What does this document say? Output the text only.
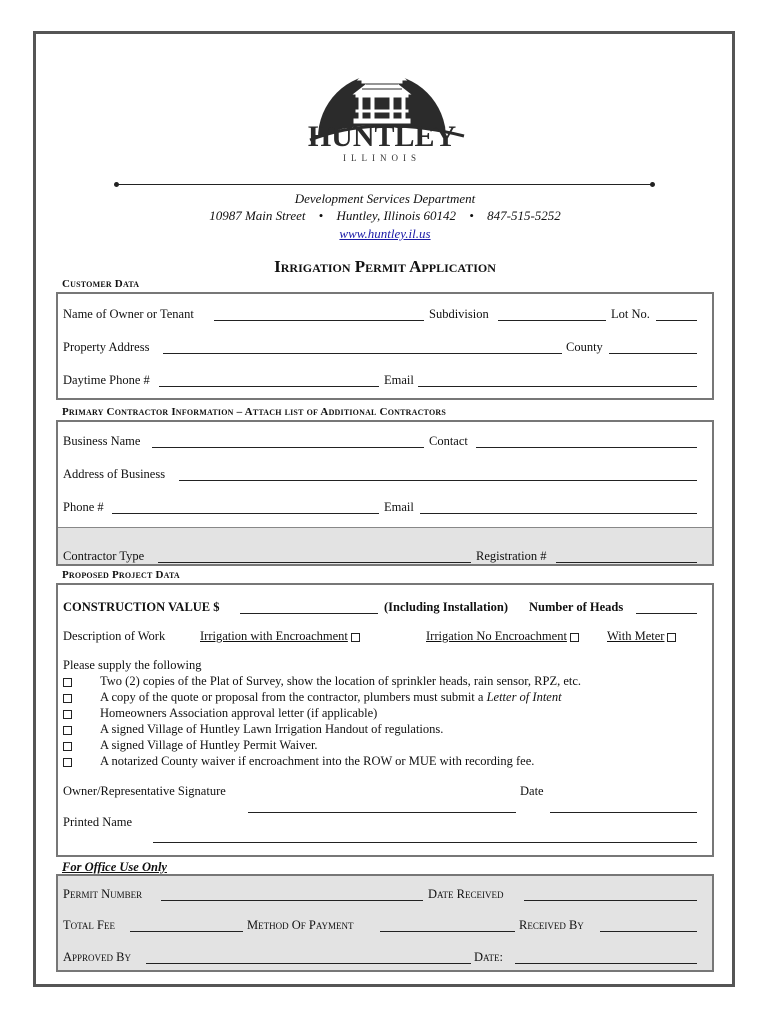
HUNTLEY
ILLINOIS
Development Services Department
10987 Main Street • Huntley, Illinois 60142 • 847-515-5252
www.huntley.il.us
Irrigation Permit Application
Customer Data
Name of Owner or Tenant	Subdivision	Lot No.
Property Address	County
Daytime Phone #	Email
Primary Contractor Information – Attach list of Additional Contractors
Business Name	Contact
Address of Business
Phone #	Email
Contractor Type	Registration #
Proposed Project Data
CONSTRUCTION VALUE $	(Including Installation) Number of Heads
Description of Work	Irrigation with Encroachment	Irrigation No Encroachment	With Meter
Please supply the following
Two (2) copies of the Plat of Survey, show the location of sprinkler heads, rain sensor, RPZ, etc.
A copy of the quote or proposal from the contractor, plumbers must submit a Letter of Intent
Homeowners Association approval letter (if applicable)
A signed Village of Huntley Lawn Irrigation Handout of regulations.
A signed Village of Huntley Permit Waiver.
A notarized County waiver if encroachment into the ROW or MUE with recording fee.
Owner/Representative Signature	Date
Printed Name
For Office Use Only
Permit Number	Date Received
Total Fee	Method Of Payment	Received By
Approved By	Date:
